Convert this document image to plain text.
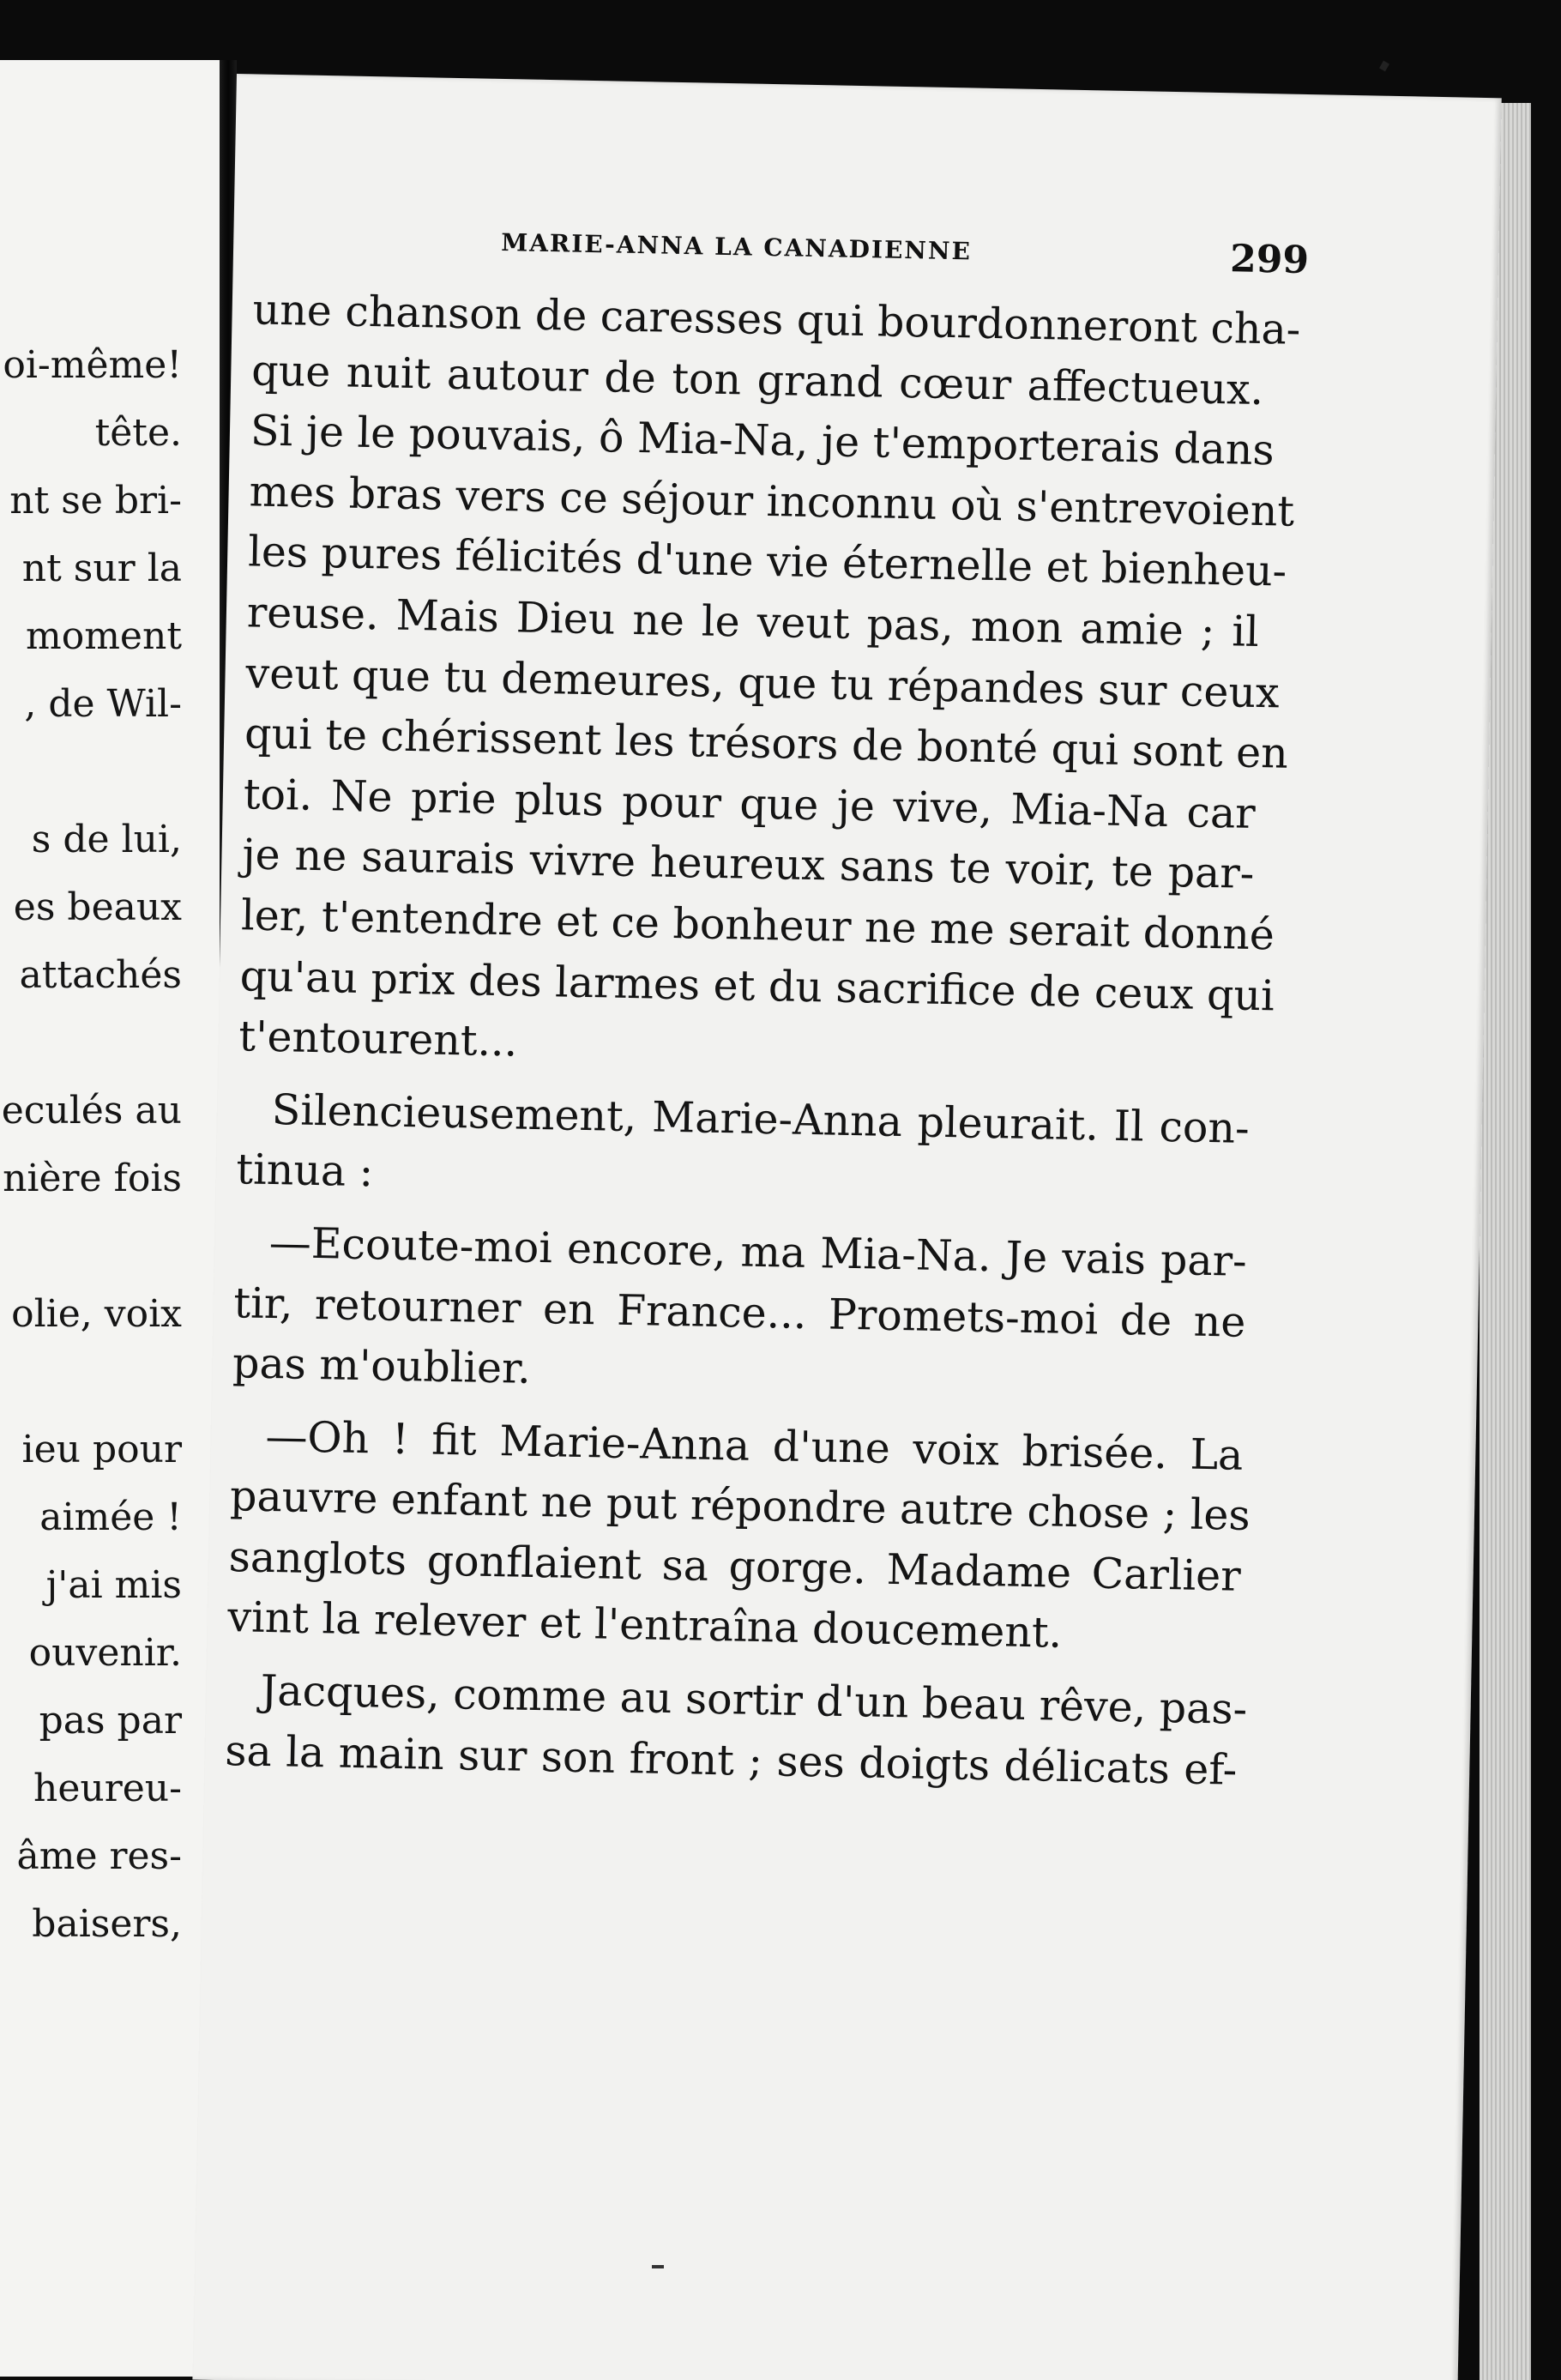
oi-même!
tête.
nt se bri-
nt sur la
moment
, de Wil-
s de lui,
es beaux
attachés
eculés au
nière fois
olie, voix
ieu pour
aimée !
j'ai mis
ouvenir.
pas par
heureu-
âme res-
baisers,
MARIE-ANNA LA CANADIENNE	299
une chanson de caresses qui bourdonneront cha-
que nuit autour de ton grand cœur affectueux.
Si je le pouvais, ô Mia-Na, je t'emporterais dans
mes bras vers ce séjour inconnu où s'entrevoient
les pures félicités d'une vie éternelle et bienheu-
reuse. Mais Dieu ne le veut pas, mon amie ; il
veut que tu demeures, que tu répandes sur ceux
qui te chérissent les trésors de bonté qui sont en
toi. Ne prie plus pour que je vive, Mia-Na car
je ne saurais vivre heureux sans te voir, te par-
ler, t'entendre et ce bonheur ne me serait donné
qu'au prix des larmes et du sacrifice de ceux qui
t'entourent...
Silencieusement, Marie-Anna pleurait. Il con-
tinua :
—Ecoute-moi encore, ma Mia-Na. Je vais par-
tir, retourner en France... Promets-moi de ne
pas m'oublier.
—Oh ! fit Marie-Anna d'une voix brisée. La
pauvre enfant ne put répondre autre chose ; les
sanglots gonflaient sa gorge. Madame Carlier
vint la relever et l'entraîna doucement.
Jacques, comme au sortir d'un beau rêve, pas-
sa la main sur son front ; ses doigts délicats ef-
